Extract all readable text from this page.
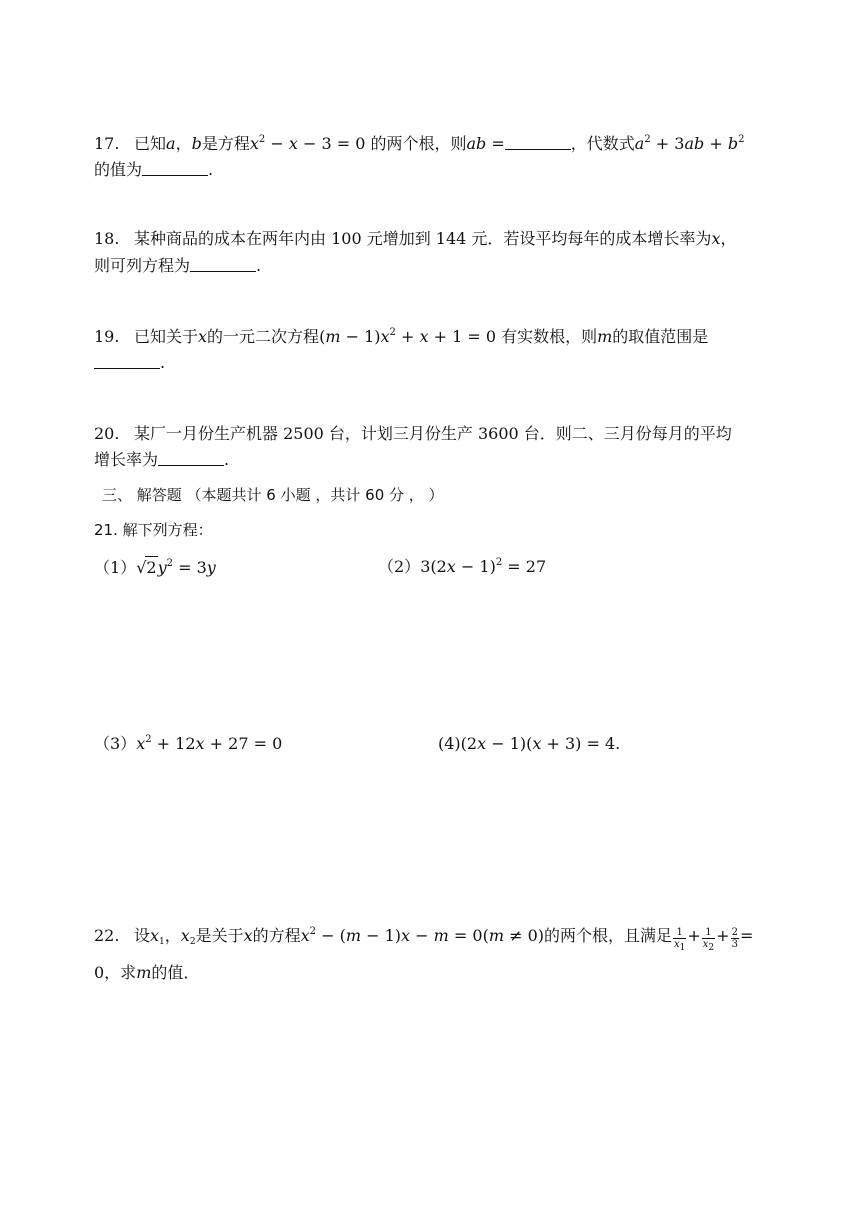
17. 已知a，b是方程$x^2 - x - 3 = 0$ 的两个根，则ab =	，代数式$a^2 + 3ab + b^2$
的值为	.
18. 某种商品的成本在两年内由 100 元增加到 144 元．若设平均每年的成本增长率为x，
则可列方程为	.
19. 已知关于x的一元二次方程$(m - 1)x^2 + x + 1 = 0$ 有实数根，则m的取值范围是
.
20. 某厂一月份生产机器 2500 台，计划三月份生产 3600 台．则二、三月份每月的平均
增长率为	.
三、 解答题 （本题共计 6 小题 ，共计 60 分 ， ）
21. 解下列方程：
$(1)√2y^2 = 3y$	$(2)3(2x - 1)^2 = 27$
$(3)x^2 + 12x + 27 = 0$	(4)(2x − 1)(x + 3) = 4.
22. 设$x_1$，$x_2$是关于x的方程$x^2 - (m - 1)x - m = 0(m \ne 0)$的两个根，且满足 $\frac{1}{x_1} + \frac{1}{x_2} + \frac{2}{3}$ =
0，求m的值．
